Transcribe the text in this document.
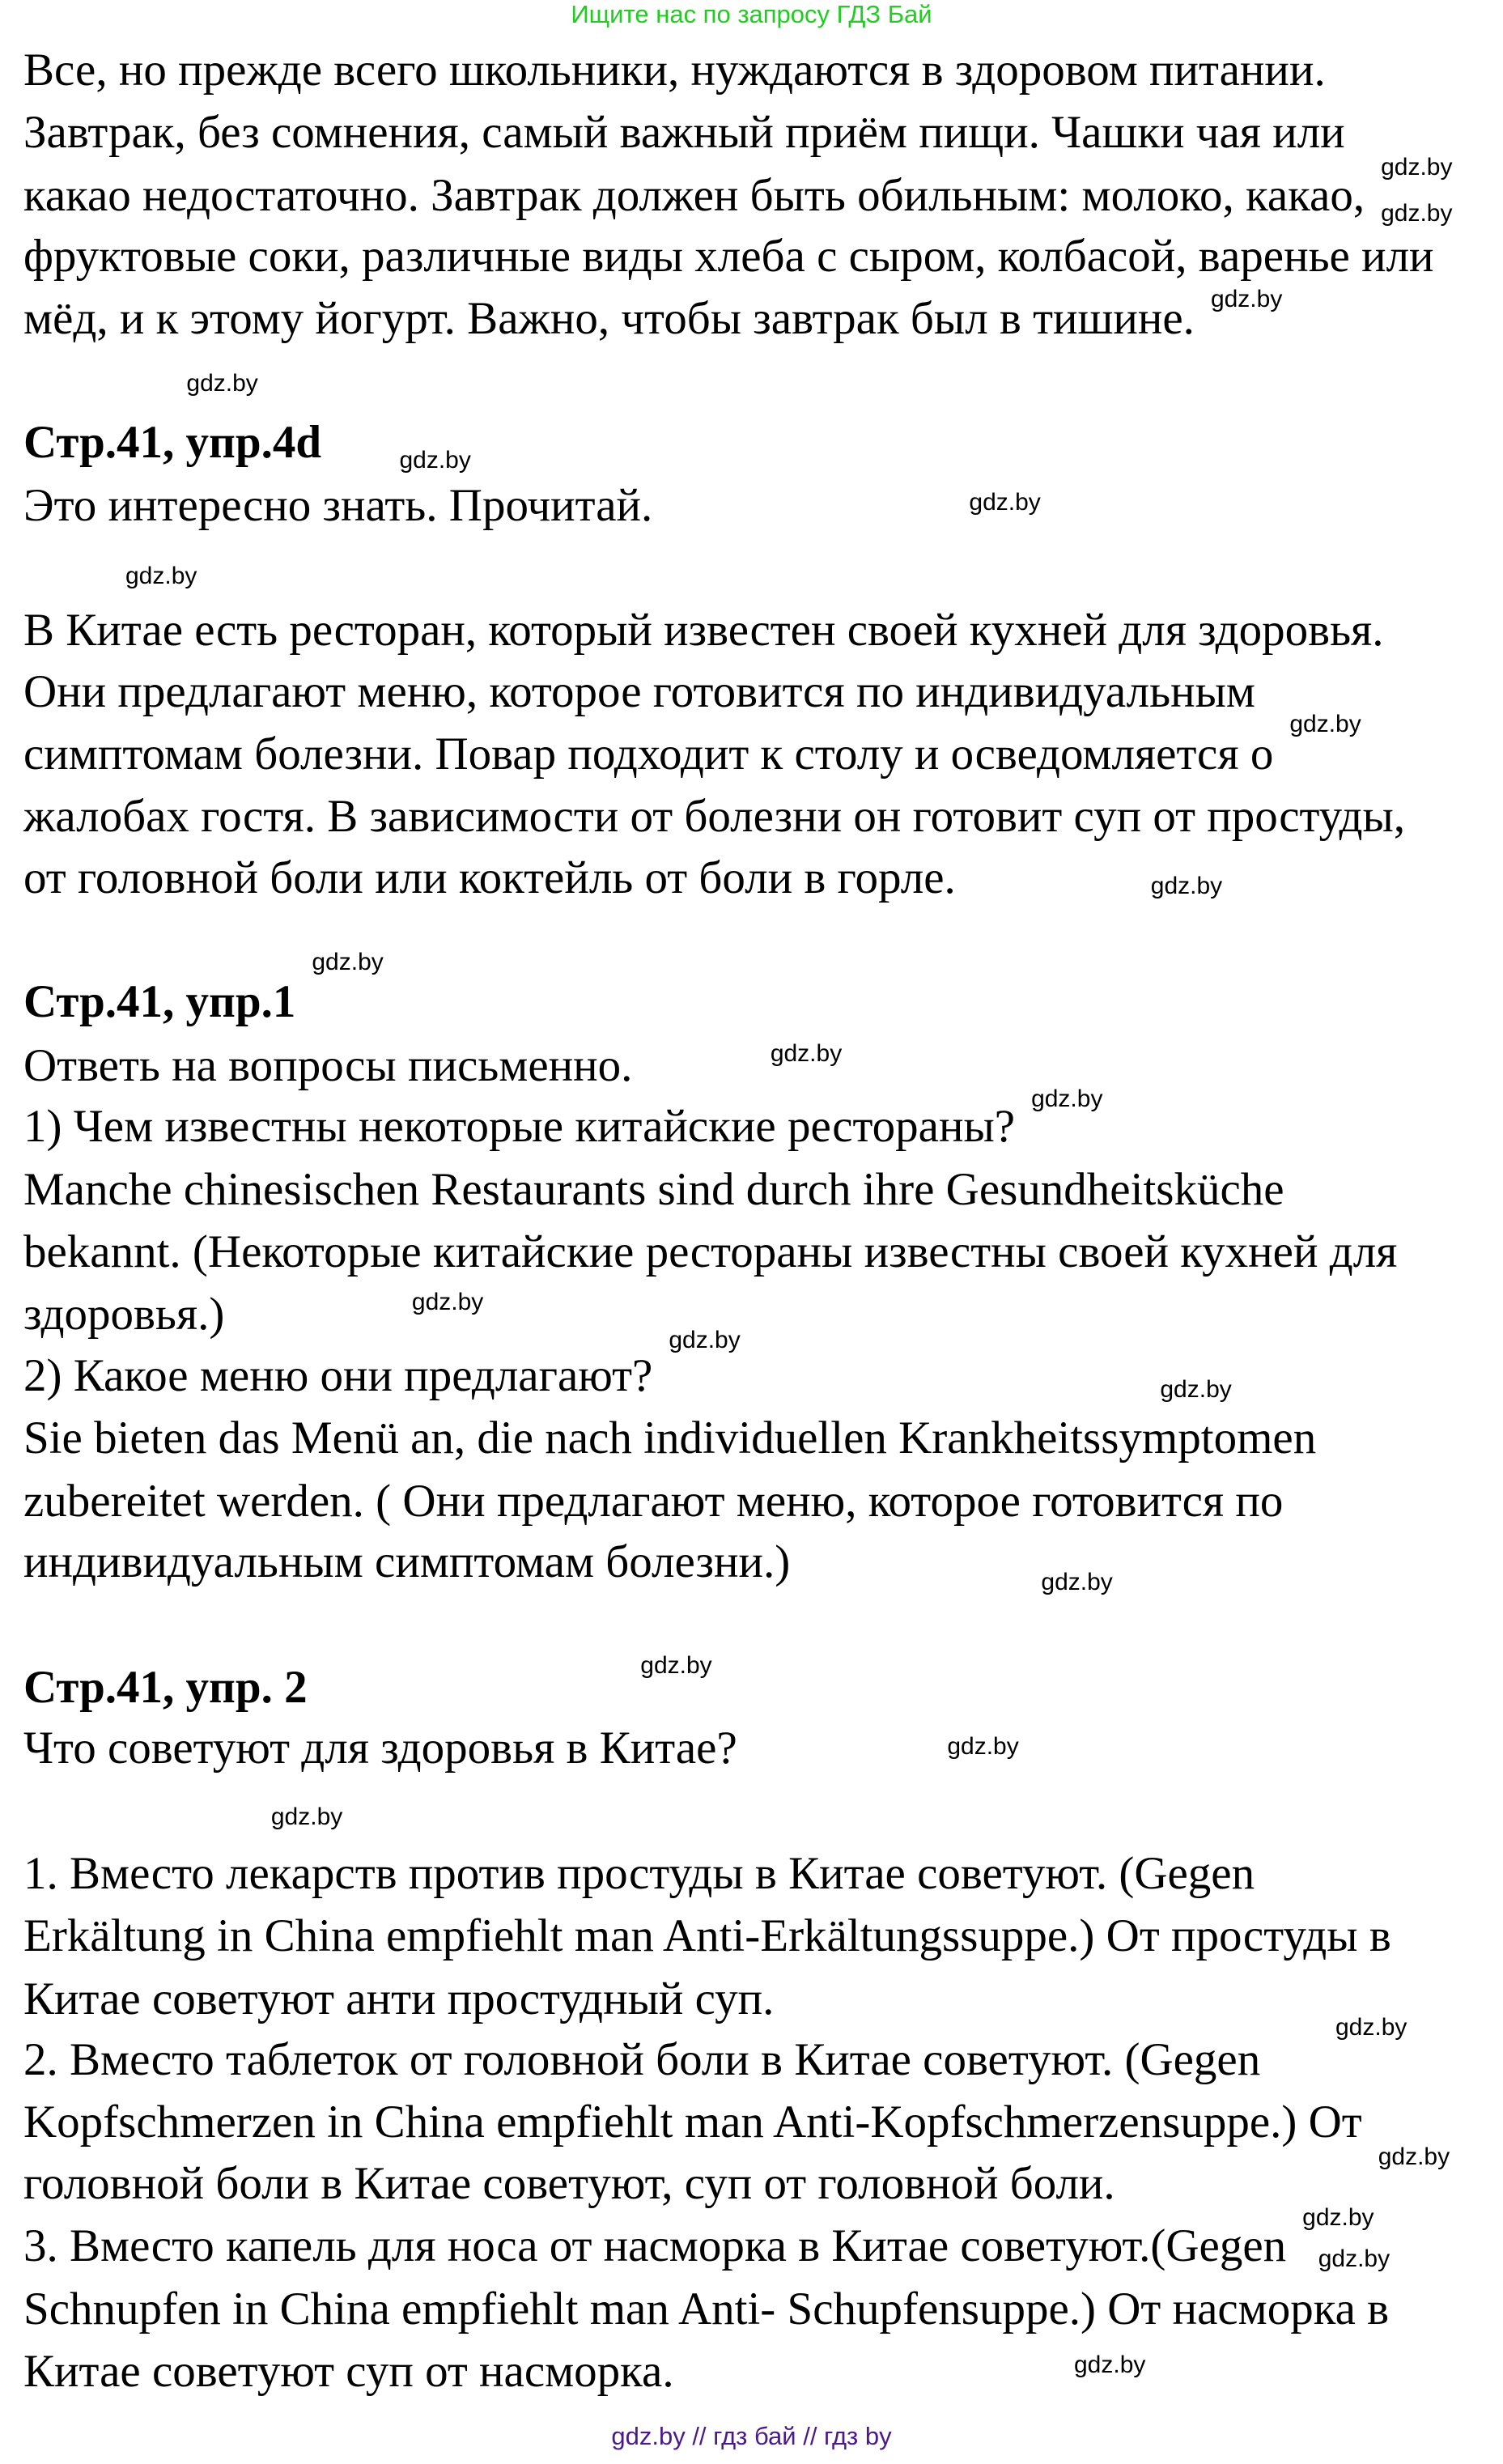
Ищите нас по запросу ГДЗ Бай
Все, но прежде всего школьники, нуждаются в здоровом питании.
Завтрак, без сомнения, самый важный приём пищи. Чашки чая или
какао недостаточно. Завтрак должен быть обильным: молоко, какао,
фруктовые соки, различные виды хлеба с сыром, колбасой, варенье или
мёд, и к этому йогурт. Важно, чтобы завтрак был в тишине.
Стр.41, упр.4d
Это интересно знать. Прочитай.
В Китае есть ресторан, который известен своей кухней для здоровья.
Они предлагают меню, которое готовится по индивидуальным
симптомам болезни. Повар подходит к столу и осведомляется о
жалобах гостя. В зависимости от болезни он готовит суп от простуды,
от головной боли или коктейль от боли в горле.
Стр.41, упр.1
Ответь на вопросы письменно.
1) Чем известны некоторые китайские рестораны?
Manche chinesischen Restaurants sind durch ihre Gesundheitsküche
bekannt. (Некоторые китайские рестораны известны своей кухней для
здоровья.)
2) Какое меню они предлагают?
Sie bieten das Menü an, die nach individuellen Krankheitssymptomen
zubereitet werden. ( Они предлагают меню, которое готовится по
индивидуальным симптомам болезни.)
Стр.41, упр. 2
Что советуют для здоровья в Китае?
1. Вместо лекарств против простуды в Китае советуют. (Gegen
Erkältung in China empfiehlt man Anti-Erkältungssuppe.) От простуды в
Китае советуют анти простудный суп.
2. Вместо таблеток от головной боли в Китае советуют. (Gegen
Kopfschmerzen in China empfiehlt man Anti-Kopfschmerzensuppe.) От
головной боли в Китае советуют, суп от головной боли.
3. Вместо капель для носа от насморка в Китае советуют.(Gegen
Schnupfen in China empfiehlt man Anti- Schupfensuppe.) От насморка в
Китае советуют суп от насморка.
gdz.by
gdz.by
gdz.by
gdz.by
gdz.by
gdz.by
gdz.by
gdz.by
gdz.by
gdz.by
gdz.by
gdz.by
gdz.by
gdz.by
gdz.by
gdz.by
gdz.by
gdz.by
gdz.by
gdz.by
gdz.by
gdz.by
gdz.by
gdz.by
gdz.by // гдз бай // гдз by
